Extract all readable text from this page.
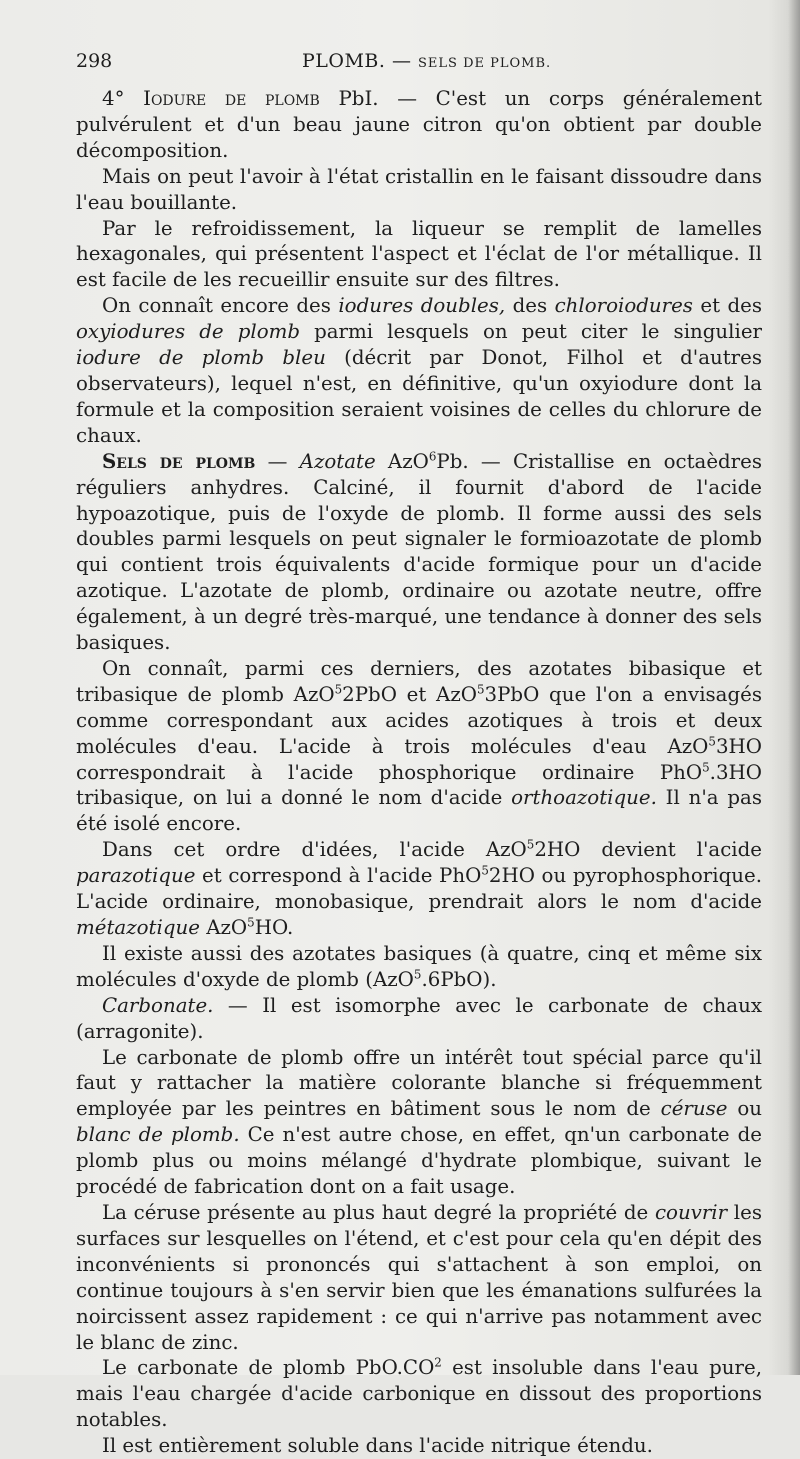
298	PLOMB. — SELS DE PLOMB.

4° Iodure de plomb PbI. — C'est un corps généralement pulvérulent et d'un beau jaune citron qu'on obtient par double décomposition.

Mais on peut l'avoir à l'état cristallin en le faisant dissoudre dans l'eau bouillante.

Par le refroidissement, la liqueur se remplit de lamelles hexagonales, qui présentent l'aspect et l'éclat de l'or métallique. Il est facile de les recueillir ensuite sur des filtres.

On connaît encore des iodures doubles, des chloroiodures et des oxyiodures de plomb parmi lesquels on peut citer le singulier iodure de plomb bleu (décrit par Donot, Filhol et d'autres observateurs), lequel n'est, en définitive, qu'un oxyiodure dont la formule et la composition seraient voisines de celles du chlorure de chaux.

Sels de plomb — Azotate AzO$^6$Pb. — Cristallise en octaèdres réguliers anhydres. Calciné, il fournit d'abord de l'acide hypoazotique, puis de l'oxyde de plomb. Il forme aussi des sels doubles parmi lesquels on peut signaler le formioazotate de plomb qui contient trois équivalents d'acide formique pour un d'acide azotique. L'azotate de plomb, ordinaire ou azotate neutre, offre également, à un degré très-marqué, une tendance à donner des sels basiques.

On connaît, parmi ces derniers, des azotates bibasique et tribasique de plomb AzO$^5$2PbO et AzO$^5$3PbO que l'on a envisagés comme correspondant aux acides azotiques à trois et deux molécules d'eau. L'acide à trois molécules d'eau AzO$^5$3HO correspondrait à l'acide phosphorique ordinaire PhO$^5$.3HO tribasique, on lui a donné le nom d'acide orthoazotique. Il n'a pas été isolé encore.

Dans cet ordre d'idées, l'acide AzO$^5$2HO devient l'acide parazotique et correspond à l'acide PhO$^5$2HO ou pyrophosphorique. L'acide ordinaire, monobasique, prendrait alors le nom d'acide métazotique AzO$^5$HO.

Il existe aussi des azotates basiques (à quatre, cinq et même six molécules d'oxyde de plomb (AzO$^5$.6PbO).

Carbonate. — Il est isomorphe avec le carbonate de chaux (arragonite).

Le carbonate de plomb offre un intérêt tout spécial parce qu'il faut y rattacher la matière colorante blanche si fréquemment employée par les peintres en bâtiment sous le nom de céruse ou blanc de plomb. Ce n'est autre chose, en effet, qn'un carbonate de plomb plus ou moins mélangé d'hydrate plombique, suivant le procédé de fabrication dont on a fait usage.

La céruse présente au plus haut degré la propriété de couvrir les surfaces sur lesquelles on l'étend, et c'est pour cela qu'en dépit des inconvénients si prononcés qui s'attachent à son emploi, on continue toujours à s'en servir bien que les émanations sulfurées la noircissent assez rapidement : ce qui n'arrive pas notamment avec le blanc de zinc.

Le carbonate de plomb $PbO.CO^2$ est insoluble dans l'eau pure, mais l'eau chargée d'acide carbonique en dissout des proportions notables.

Il est entièrement soluble dans l'acide nitrique étendu.
